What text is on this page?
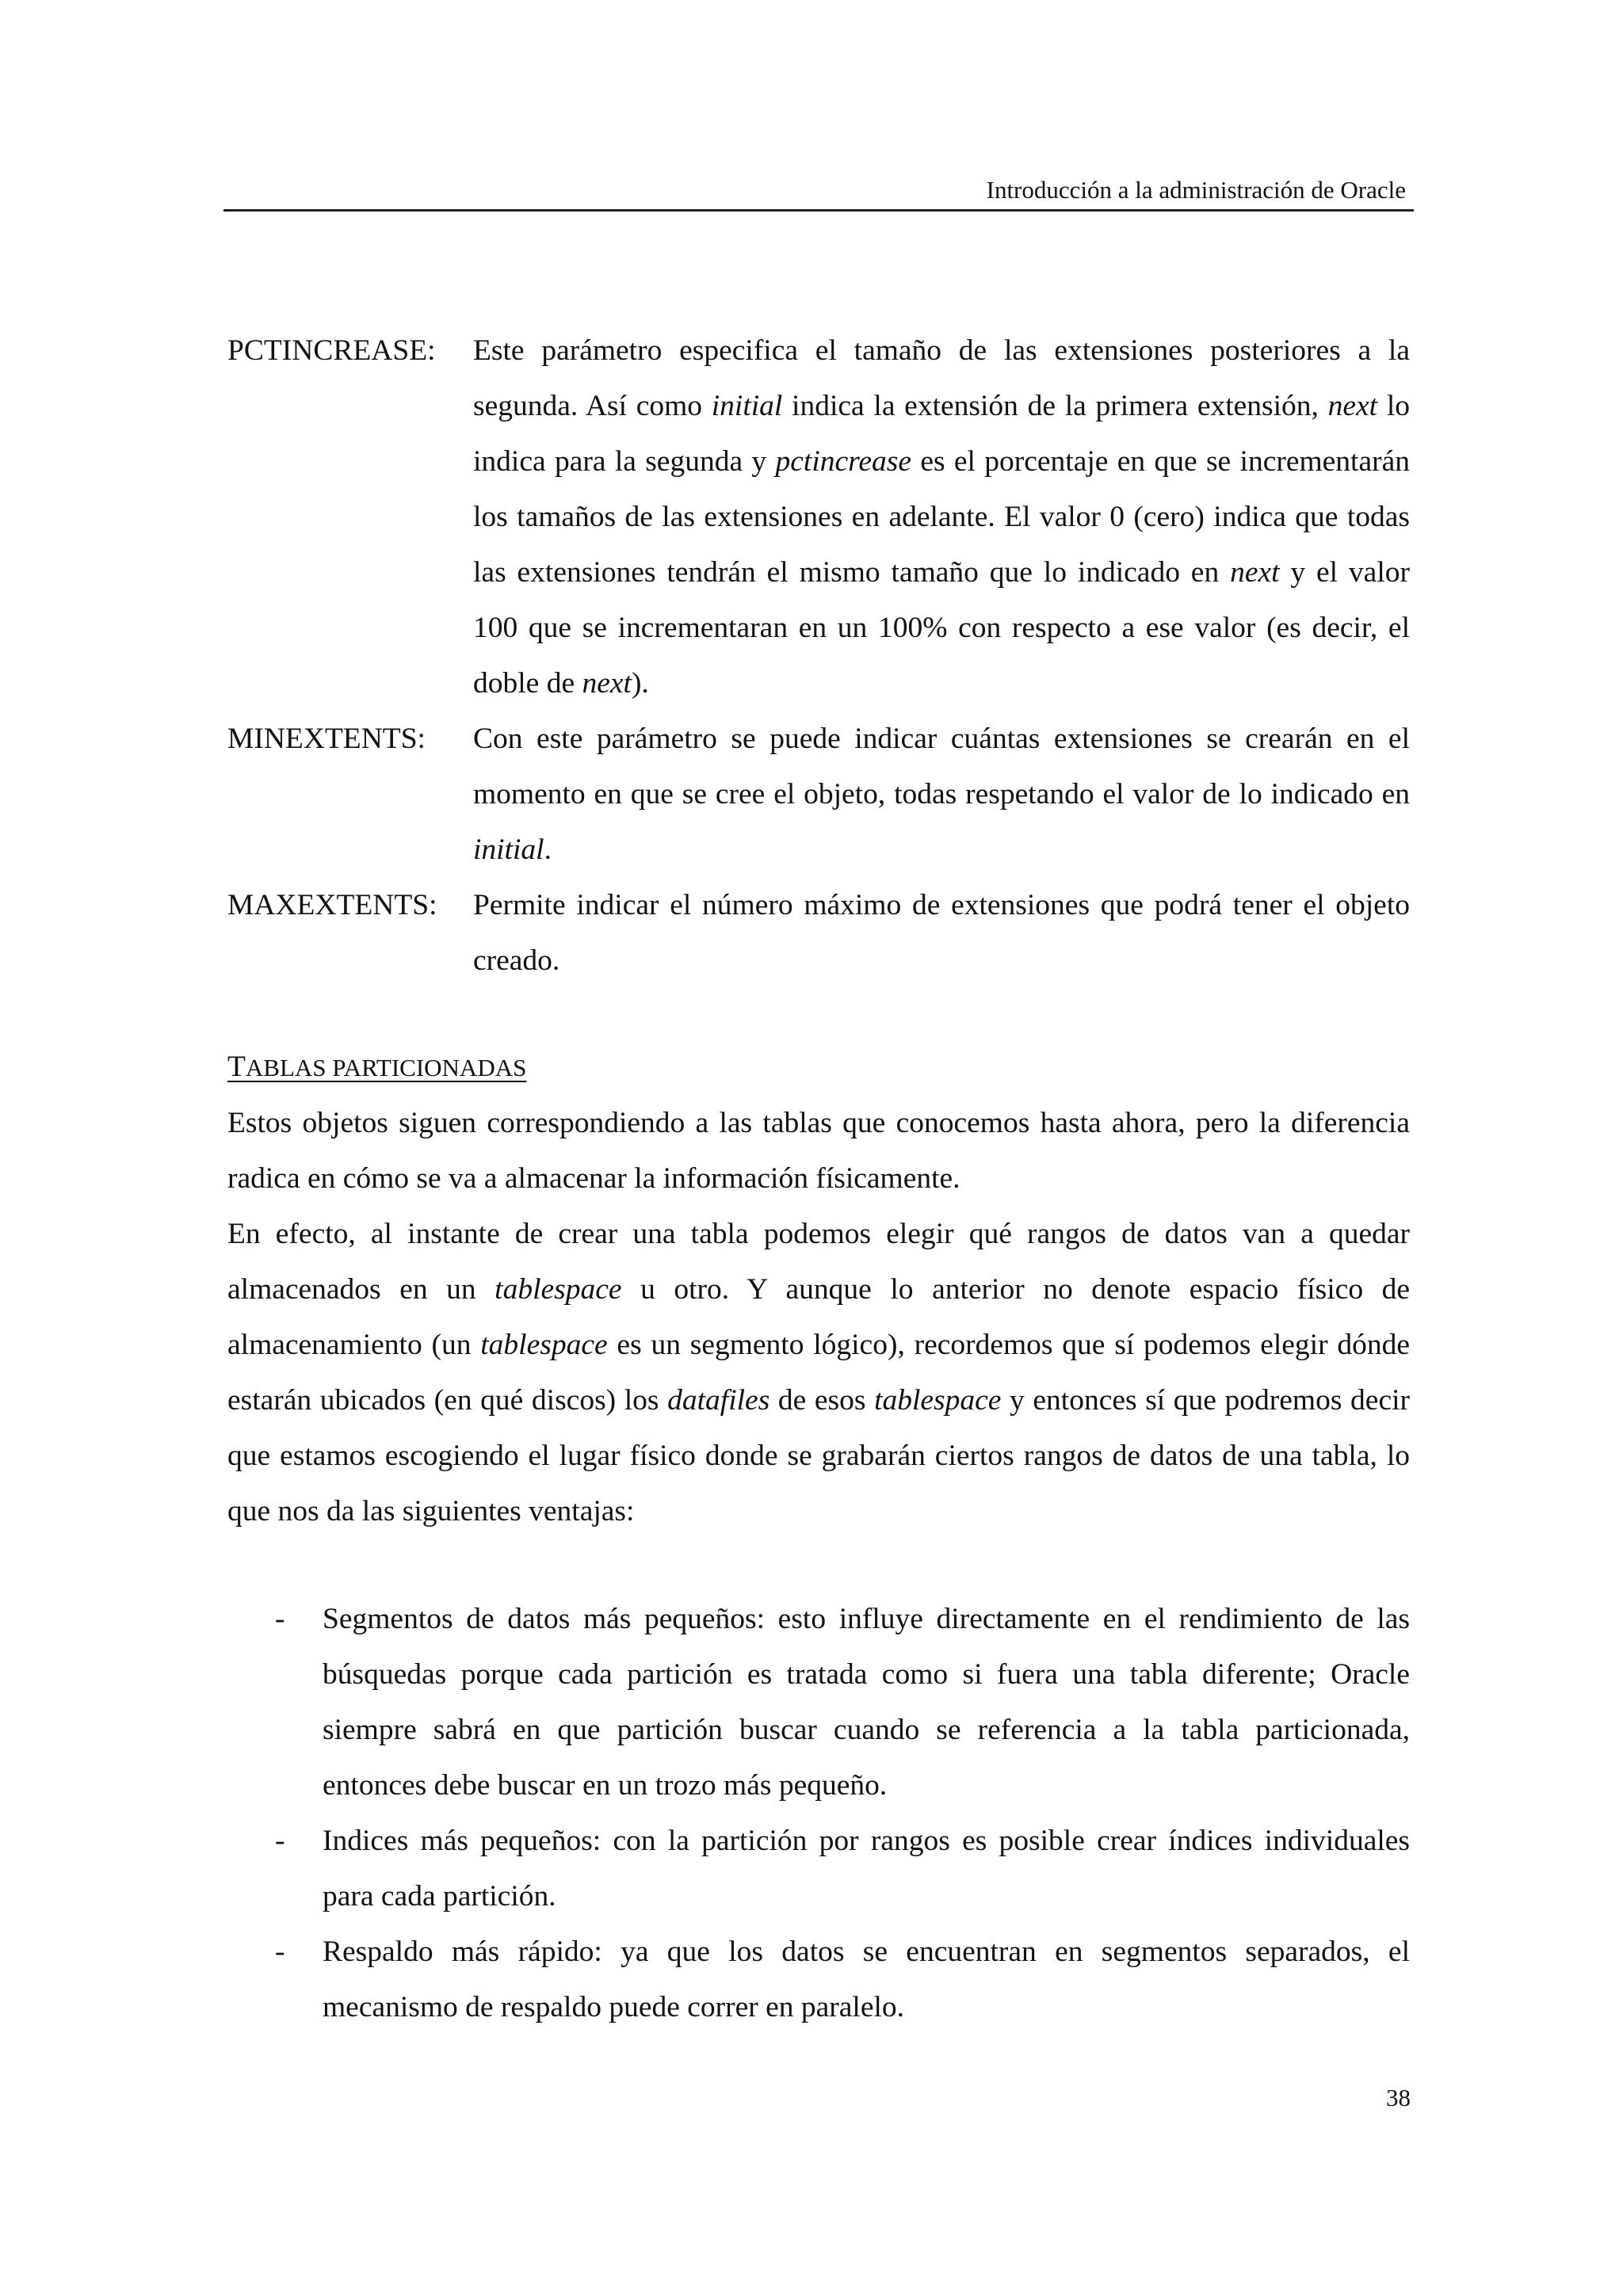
Introducción a la administración de Oracle
PCTINCREASE:	Este parámetro especifica el tamaño de las extensiones posteriores a la segunda. Así como initial indica la extensión de la primera extensión, next lo indica para la segunda y pctincrease es el porcentaje en que se incrementarán los tamaños de las extensiones en adelante. El valor 0 (cero) indica que todas las extensiones tendrán el mismo tamaño que lo indicado en next y el valor 100 que se incrementaran en un 100% con respecto a ese valor (es decir, el doble de next).
MINEXTENTS:	Con este parámetro se puede indicar cuántas extensiones se crearán en el momento en que se cree el objeto, todas respetando el valor de lo indicado en initial.
MAXEXTENTS:	Permite indicar el número máximo de extensiones que podrá tener el objeto creado.
TABLAS PARTICIONADAS

Estos objetos siguen correspondiendo a las tablas que conocemos hasta ahora, pero la diferencia radica en cómo se va a almacenar la información físicamente.

En efecto, al instante de crear una tabla podemos elegir qué rangos de datos van a quedar almacenados en un tablespace u otro. Y aunque lo anterior no denote espacio físico de almacenamiento (un tablespace es un segmento lógico), recordemos que sí podemos elegir dónde estarán ubicados (en qué discos) los datafiles de esos tablespace y entonces sí que podremos decir que estamos escogiendo el lugar físico donde se grabarán ciertos rangos de datos de una tabla, lo que nos da las siguientes ventajas:

-	Segmentos de datos más pequeños: esto influye directamente en el rendimiento de las búsquedas porque cada partición es tratada como si fuera una tabla diferente; Oracle siempre sabrá en que partición buscar cuando se referencia a la tabla particionada, entonces debe buscar en un trozo más pequeño.
-	Indices más pequeños: con la partición por rangos es posible crear índices individuales para cada partición.
-	Respaldo más rápido: ya que los datos se encuentran en segmentos separados, el mecanismo de respaldo puede correr en paralelo.
38
